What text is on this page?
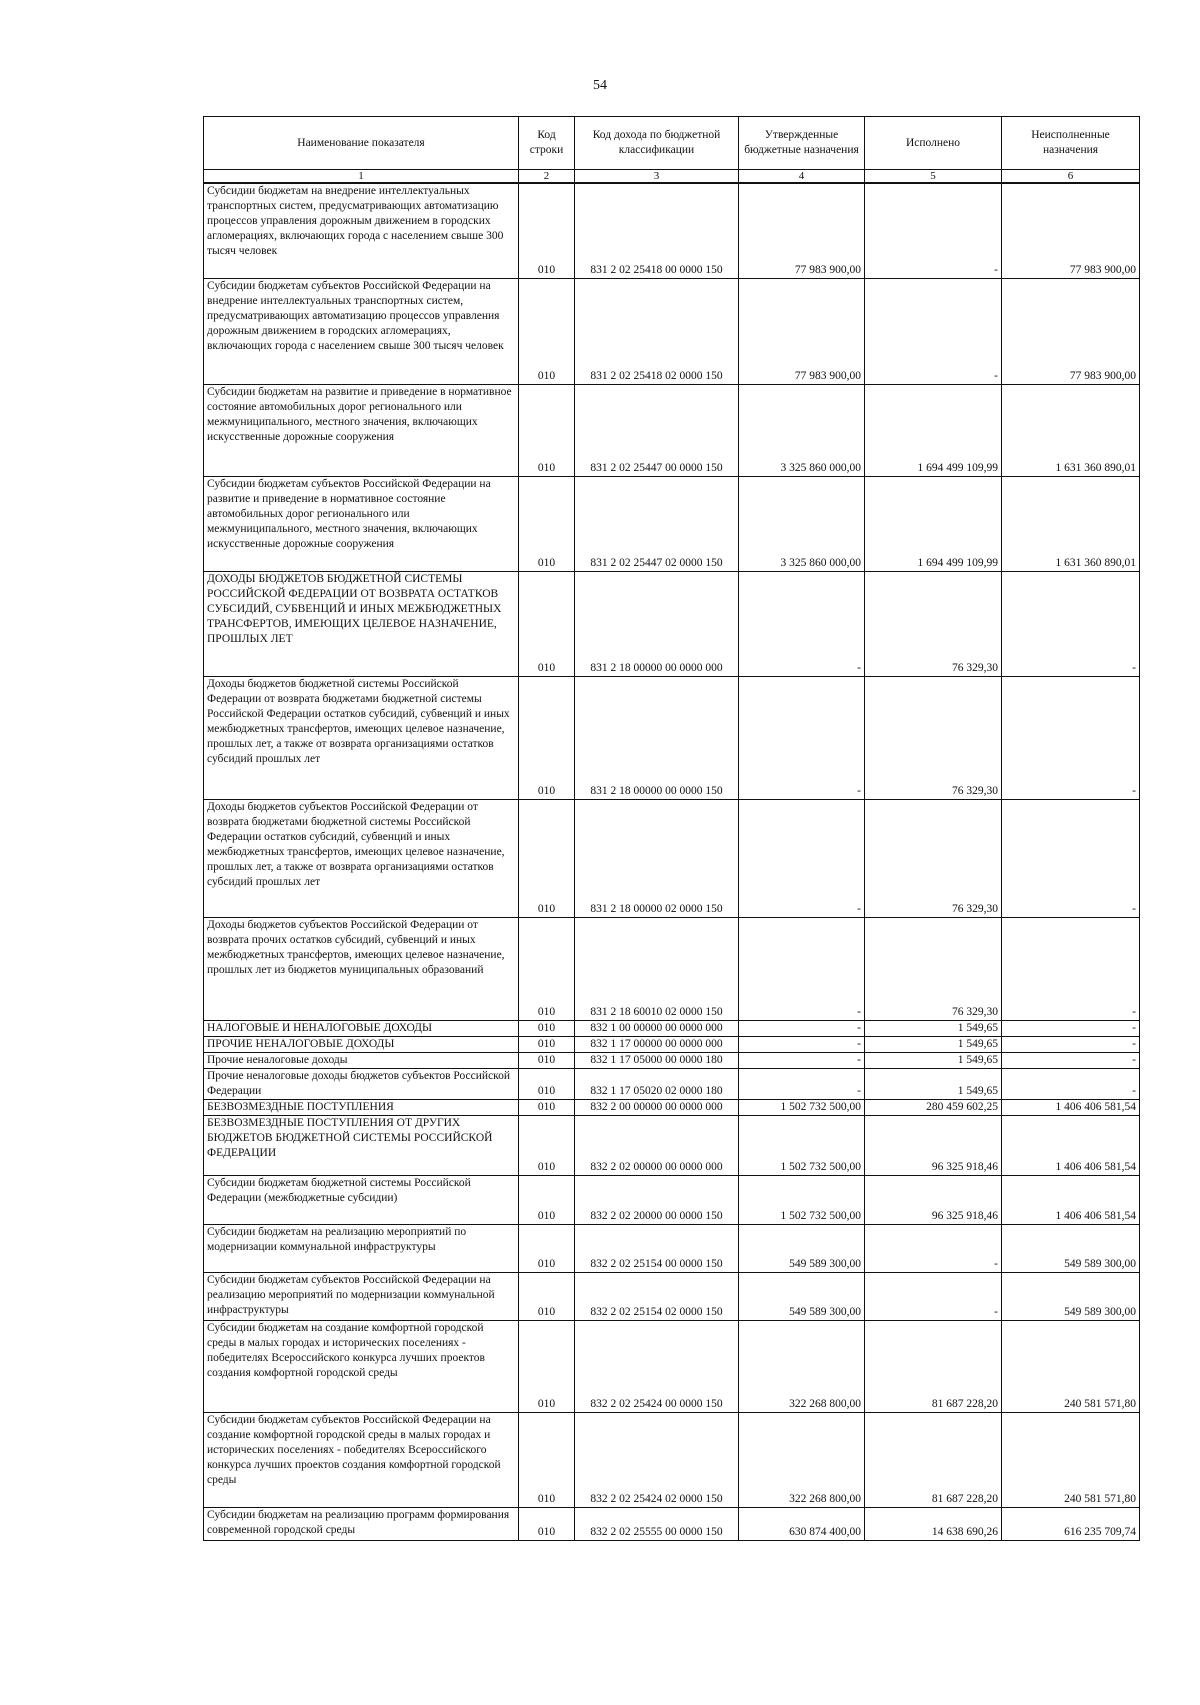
54
Наименование показателя	Код строки	Код дохода по бюджетной классификации	Утвержденные бюджетные назначения	Исполнено	Неисполненные назначения
1	2	3	4	5	6
Субсидии бюджетам на внедрение интеллектуальных транспортных систем, предусматривающих автоматизацию процессов управления дорожным движением в городских агломерациях, включающих города с населением свыше 300 тысяч человек	010	831 2 02 25418 00 0000 150	77 983 900,00	-	77 983 900,00
Субсидии бюджетам субъектов Российской Федерации на внедрение интеллектуальных транспортных систем, предусматривающих автоматизацию процессов управления дорожным движением в городских агломерациях, включающих города с населением свыше 300 тысяч человек	010	831 2 02 25418 02 0000 150	77 983 900,00	-	77 983 900,00
Субсидии бюджетам на развитие и приведение в нормативное состояние автомобильных дорог регионального или межмуниципального, местного значения, включающих искусственные дорожные сооружения	010	831 2 02 25447 00 0000 150	3 325 860 000,00	1 694 499 109,99	1 631 360 890,01
Субсидии бюджетам субъектов Российской Федерации на развитие и приведение в нормативное состояние автомобильных дорог регионального или межмуниципального, местного значения, включающих искусственные дорожные сооружения	010	831 2 02 25447 02 0000 150	3 325 860 000,00	1 694 499 109,99	1 631 360 890,01
ДОХОДЫ БЮДЖЕТОВ БЮДЖЕТНОЙ СИСТЕМЫ РОССИЙСКОЙ ФЕДЕРАЦИИ ОТ ВОЗВРАТА ОСТАТКОВ СУБСИДИЙ, СУБВЕНЦИЙ И ИНЫХ МЕЖБЮДЖЕТНЫХ ТРАНСФЕРТОВ, ИМЕЮЩИХ ЦЕЛЕВОЕ НАЗНАЧЕНИЕ, ПРОШЛЫХ ЛЕТ	010	831 2 18 00000 00 0000 000	-	76 329,30	-
Доходы бюджетов бюджетной системы Российской Федерации от возврата бюджетами бюджетной системы Российской Федерации остатков субсидий, субвенций и иных межбюджетных трансфертов, имеющих целевое назначение, прошлых лет, а также от возврата организациями остатков субсидий прошлых лет	010	831 2 18 00000 00 0000 150	-	76 329,30	-
Доходы бюджетов субъектов Российской Федерации от возврата бюджетами бюджетной системы Российской Федерации остатков субсидий, субвенций и иных межбюджетных трансфертов, имеющих целевое назначение, прошлых лет, а также от возврата организациями остатков субсидий прошлых лет	010	831 2 18 00000 02 0000 150	-	76 329,30	-
Доходы бюджетов субъектов Российской Федерации от возврата прочих остатков субсидий, субвенций и иных межбюджетных трансфертов, имеющих целевое назначение, прошлых лет из бюджетов муниципальных образований	010	831 2 18 60010 02 0000 150	-	76 329,30	-
НАЛОГОВЫЕ И НЕНАЛОГОВЫЕ ДОХОДЫ	010	832 1 00 00000 00 0000 000	-	1 549,65	-
ПРОЧИЕ НЕНАЛОГОВЫЕ ДОХОДЫ	010	832 1 17 00000 00 0000 000	-	1 549,65	-
Прочие неналоговые доходы	010	832 1 17 05000 00 0000 180	-	1 549,65	-
Прочие неналоговые доходы бюджетов субъектов Российской Федерации	010	832 1 17 05020 02 0000 180	-	1 549,65	-
БЕЗВОЗМЕЗДНЫЕ ПОСТУПЛЕНИЯ	010	832 2 00 00000 00 0000 000	1 502 732 500,00	280 459 602,25	1 406 406 581,54
БЕЗВОЗМЕЗДНЫЕ ПОСТУПЛЕНИЯ ОТ ДРУГИХ БЮДЖЕТОВ БЮДЖЕТНОЙ СИСТЕМЫ РОССИЙСКОЙ ФЕДЕРАЦИИ	010	832 2 02 00000 00 0000 000	1 502 732 500,00	96 325 918,46	1 406 406 581,54
Субсидии бюджетам бюджетной системы Российской Федерации (межбюджетные субсидии)	010	832 2 02 20000 00 0000 150	1 502 732 500,00	96 325 918,46	1 406 406 581,54
Субсидии бюджетам на реализацию мероприятий по модернизации коммунальной инфраструктуры	010	832 2 02 25154 00 0000 150	549 589 300,00	-	549 589 300,00
Субсидии бюджетам субъектов Российской Федерации на реализацию мероприятий по модернизации коммунальной инфраструктуры	010	832 2 02 25154 02 0000 150	549 589 300,00	-	549 589 300,00
Субсидии бюджетам на создание комфортной городской среды в малых городах и исторических поселениях - победителях Всероссийского конкурса лучших проектов создания комфортной городской среды	010	832 2 02 25424 00 0000 150	322 268 800,00	81 687 228,20	240 581 571,80
Субсидии бюджетам субъектов Российской Федерации на создание комфортной городской среды в малых городах и исторических поселениях - победителях Всероссийского конкурса лучших проектов создания комфортной городской среды	010	832 2 02 25424 02 0000 150	322 268 800,00	81 687 228,20	240 581 571,80
Субсидии бюджетам на реализацию программ формирования современной городской среды	010	832 2 02 25555 00 0000 150	630 874 400,00	14 638 690,26	616 235 709,74
